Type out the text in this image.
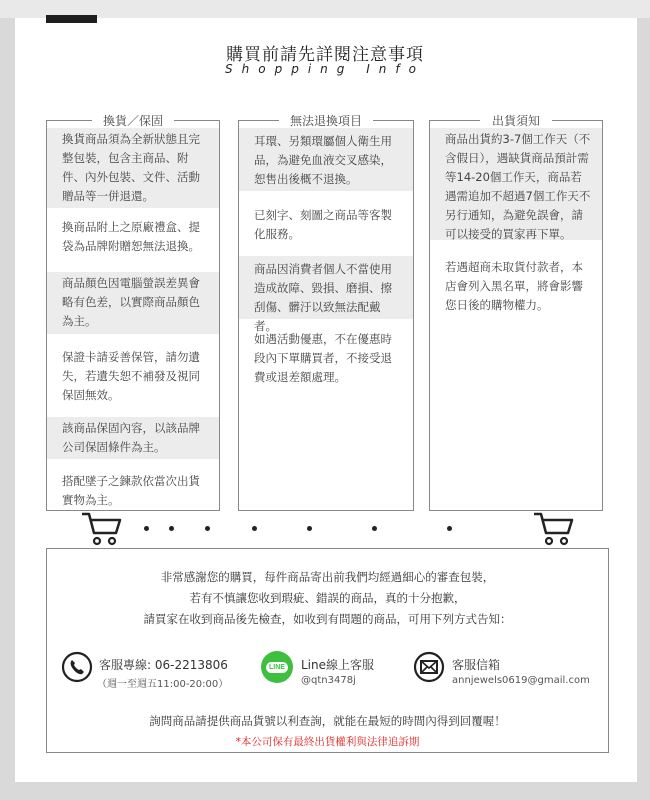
購買前請先詳閱注意事項
Shopping Info
換貨／保固
換貨商品須為全新狀態且完整包裝，包含主商品、附件、內外包裝、文件、活動贈品等一併退還。
換商品附上之原廠禮盒、提袋為品牌附贈恕無法退換。
商品顏色因電腦螢誤差異會略有色差，以實際商品顏色為主。
保證卡請妥善保管，請勿遺失，若遺失恕不補發及視同保固無效。
該商品保固內容，以該品牌公司保固條件為主。
搭配墜子之鍊款依當次出貨實物為主。
無法退換項目
耳環、另類環屬個人衛生用品，為避免血液交叉感染，恕售出後概不退換。
已刻字、刻圖之商品等客製化服務。
商品因消費者個人不當使用造成故障、毀損、磨損、擦刮傷、髒汙以致無法配戴者。
如遇活動優惠，不在優惠時段內下單購買者，不接受退費或退差額處理。
出貨須知
商品出貨約3-7個工作天（不含假日），遇缺貨商品預計需等14-20個工作天，商品若遇需追加不超過7個工作天不另行通知，為避免誤會，請可以接受的買家再下單。
若遇超商未取貨付款者，本店會列入黑名單，將會影響您日後的購物權力。
非常感謝您的購買，每件商品寄出前我們均經過細心的審查包裝，
若有不慎讓您收到瑕疵、錯誤的商品，真的十分抱歉，
請買家在收到商品後先檢查，如收到有問題的商品，可用下列方式告知：
客服專線: 06-2213806
（週一至週五11:00-20:00）
LINE Line線上客服
@qtn3478j
客服信箱
annjewels0619@gmail.com
詢問商品請提供商品貨號以利查詢，就能在最短的時間內得到回覆喔！
*本公司保有最終出貨權利與法律追訴期
